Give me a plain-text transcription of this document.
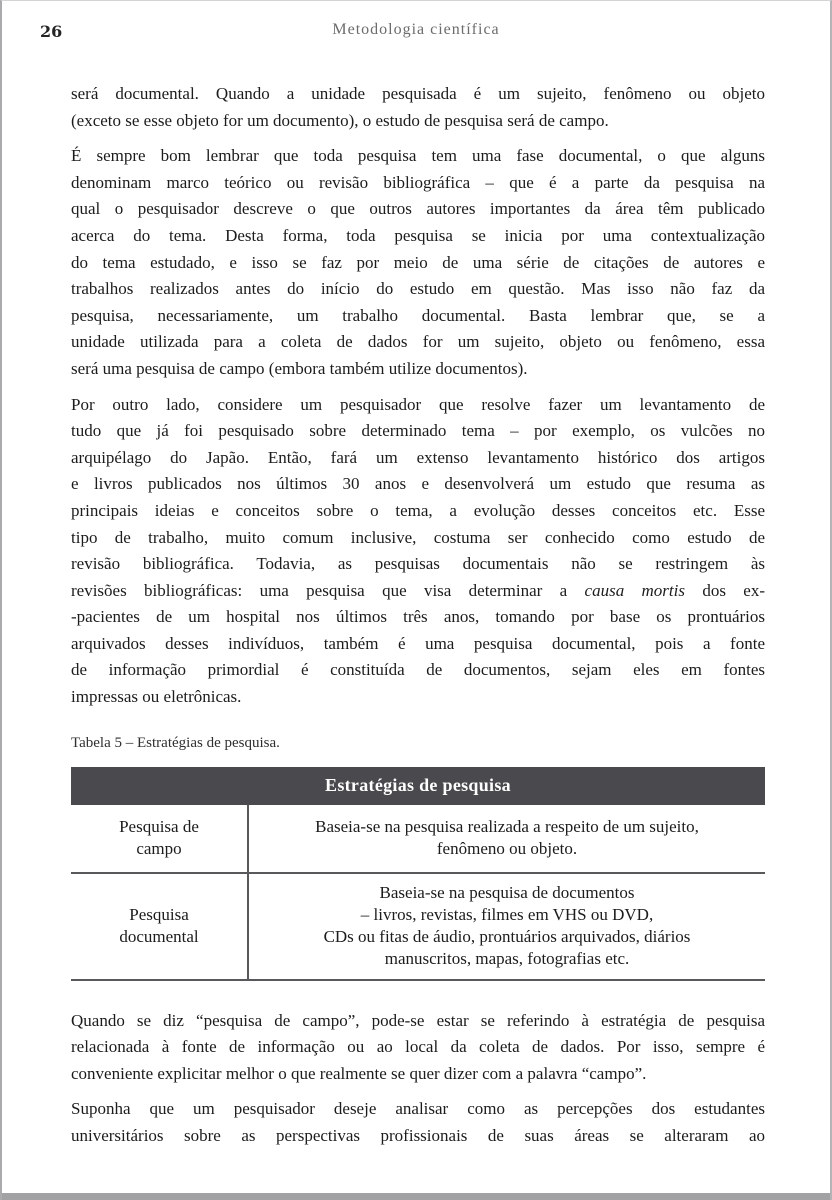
26	Metodologia científica
será documental. Quando a unidade pesquisada é um sujeito, fenômeno ou objeto
(exceto se esse objeto for um documento), o estudo de pesquisa será de campo.
É sempre bom lembrar que toda pesquisa tem uma fase documental, o que alguns
denominam marco teórico ou revisão bibliográfica – que é a parte da pesquisa na
qual o pesquisador descreve o que outros autores importantes da área têm publicado
acerca do tema. Desta forma, toda pesquisa se inicia por uma contextualização
do tema estudado, e isso se faz por meio de uma série de citações de autores e
trabalhos realizados antes do início do estudo em questão. Mas isso não faz da
pesquisa, necessariamente, um trabalho documental. Basta lembrar que, se a
unidade utilizada para a coleta de dados for um sujeito, objeto ou fenômeno, essa
será uma pesquisa de campo (embora também utilize documentos).
Por outro lado, considere um pesquisador que resolve fazer um levantamento de
tudo que já foi pesquisado sobre determinado tema – por exemplo, os vulcões no
arquipélago do Japão. Então, fará um extenso levantamento histórico dos artigos
e livros publicados nos últimos 30 anos e desenvolverá um estudo que resuma as
principais ideias e conceitos sobre o tema, a evolução desses conceitos etc. Esse
tipo de trabalho, muito comum inclusive, costuma ser conhecido como estudo de
revisão bibliográfica. Todavia, as pesquisas documentais não se restringem às
revisões bibliográficas: uma pesquisa que visa determinar a causa mortis dos ex-
-pacientes de um hospital nos últimos três anos, tomando por base os prontuários
arquivados desses indivíduos, também é uma pesquisa documental, pois a fonte
de informação primordial é constituída de documentos, sejam eles em fontes
impressas ou eletrônicas.

Tabela 5 – Estratégias de pesquisa.

Estratégias de pesquisa
Pesquisa de
campo
Baseia-se na pesquisa realizada a respeito de um sujeito,
fenômeno ou objeto.
Pesquisa
documental
Baseia-se na pesquisa de documentos
– livros, revistas, filmes em VHS ou DVD,
CDs ou fitas de áudio, prontuários arquivados, diários
manuscritos, mapas, fotografias etc.
Quando se diz “pesquisa de campo”, pode-se estar se referindo à estratégia de pesquisa
relacionada à fonte de informação ou ao local da coleta de dados. Por isso, sempre é
conveniente explicitar melhor o que realmente se quer dizer com a palavra “campo”.
Suponha que um pesquisador deseje analisar como as percepções dos estudantes
universitários sobre as perspectivas profissionais de suas áreas se alteraram ao
